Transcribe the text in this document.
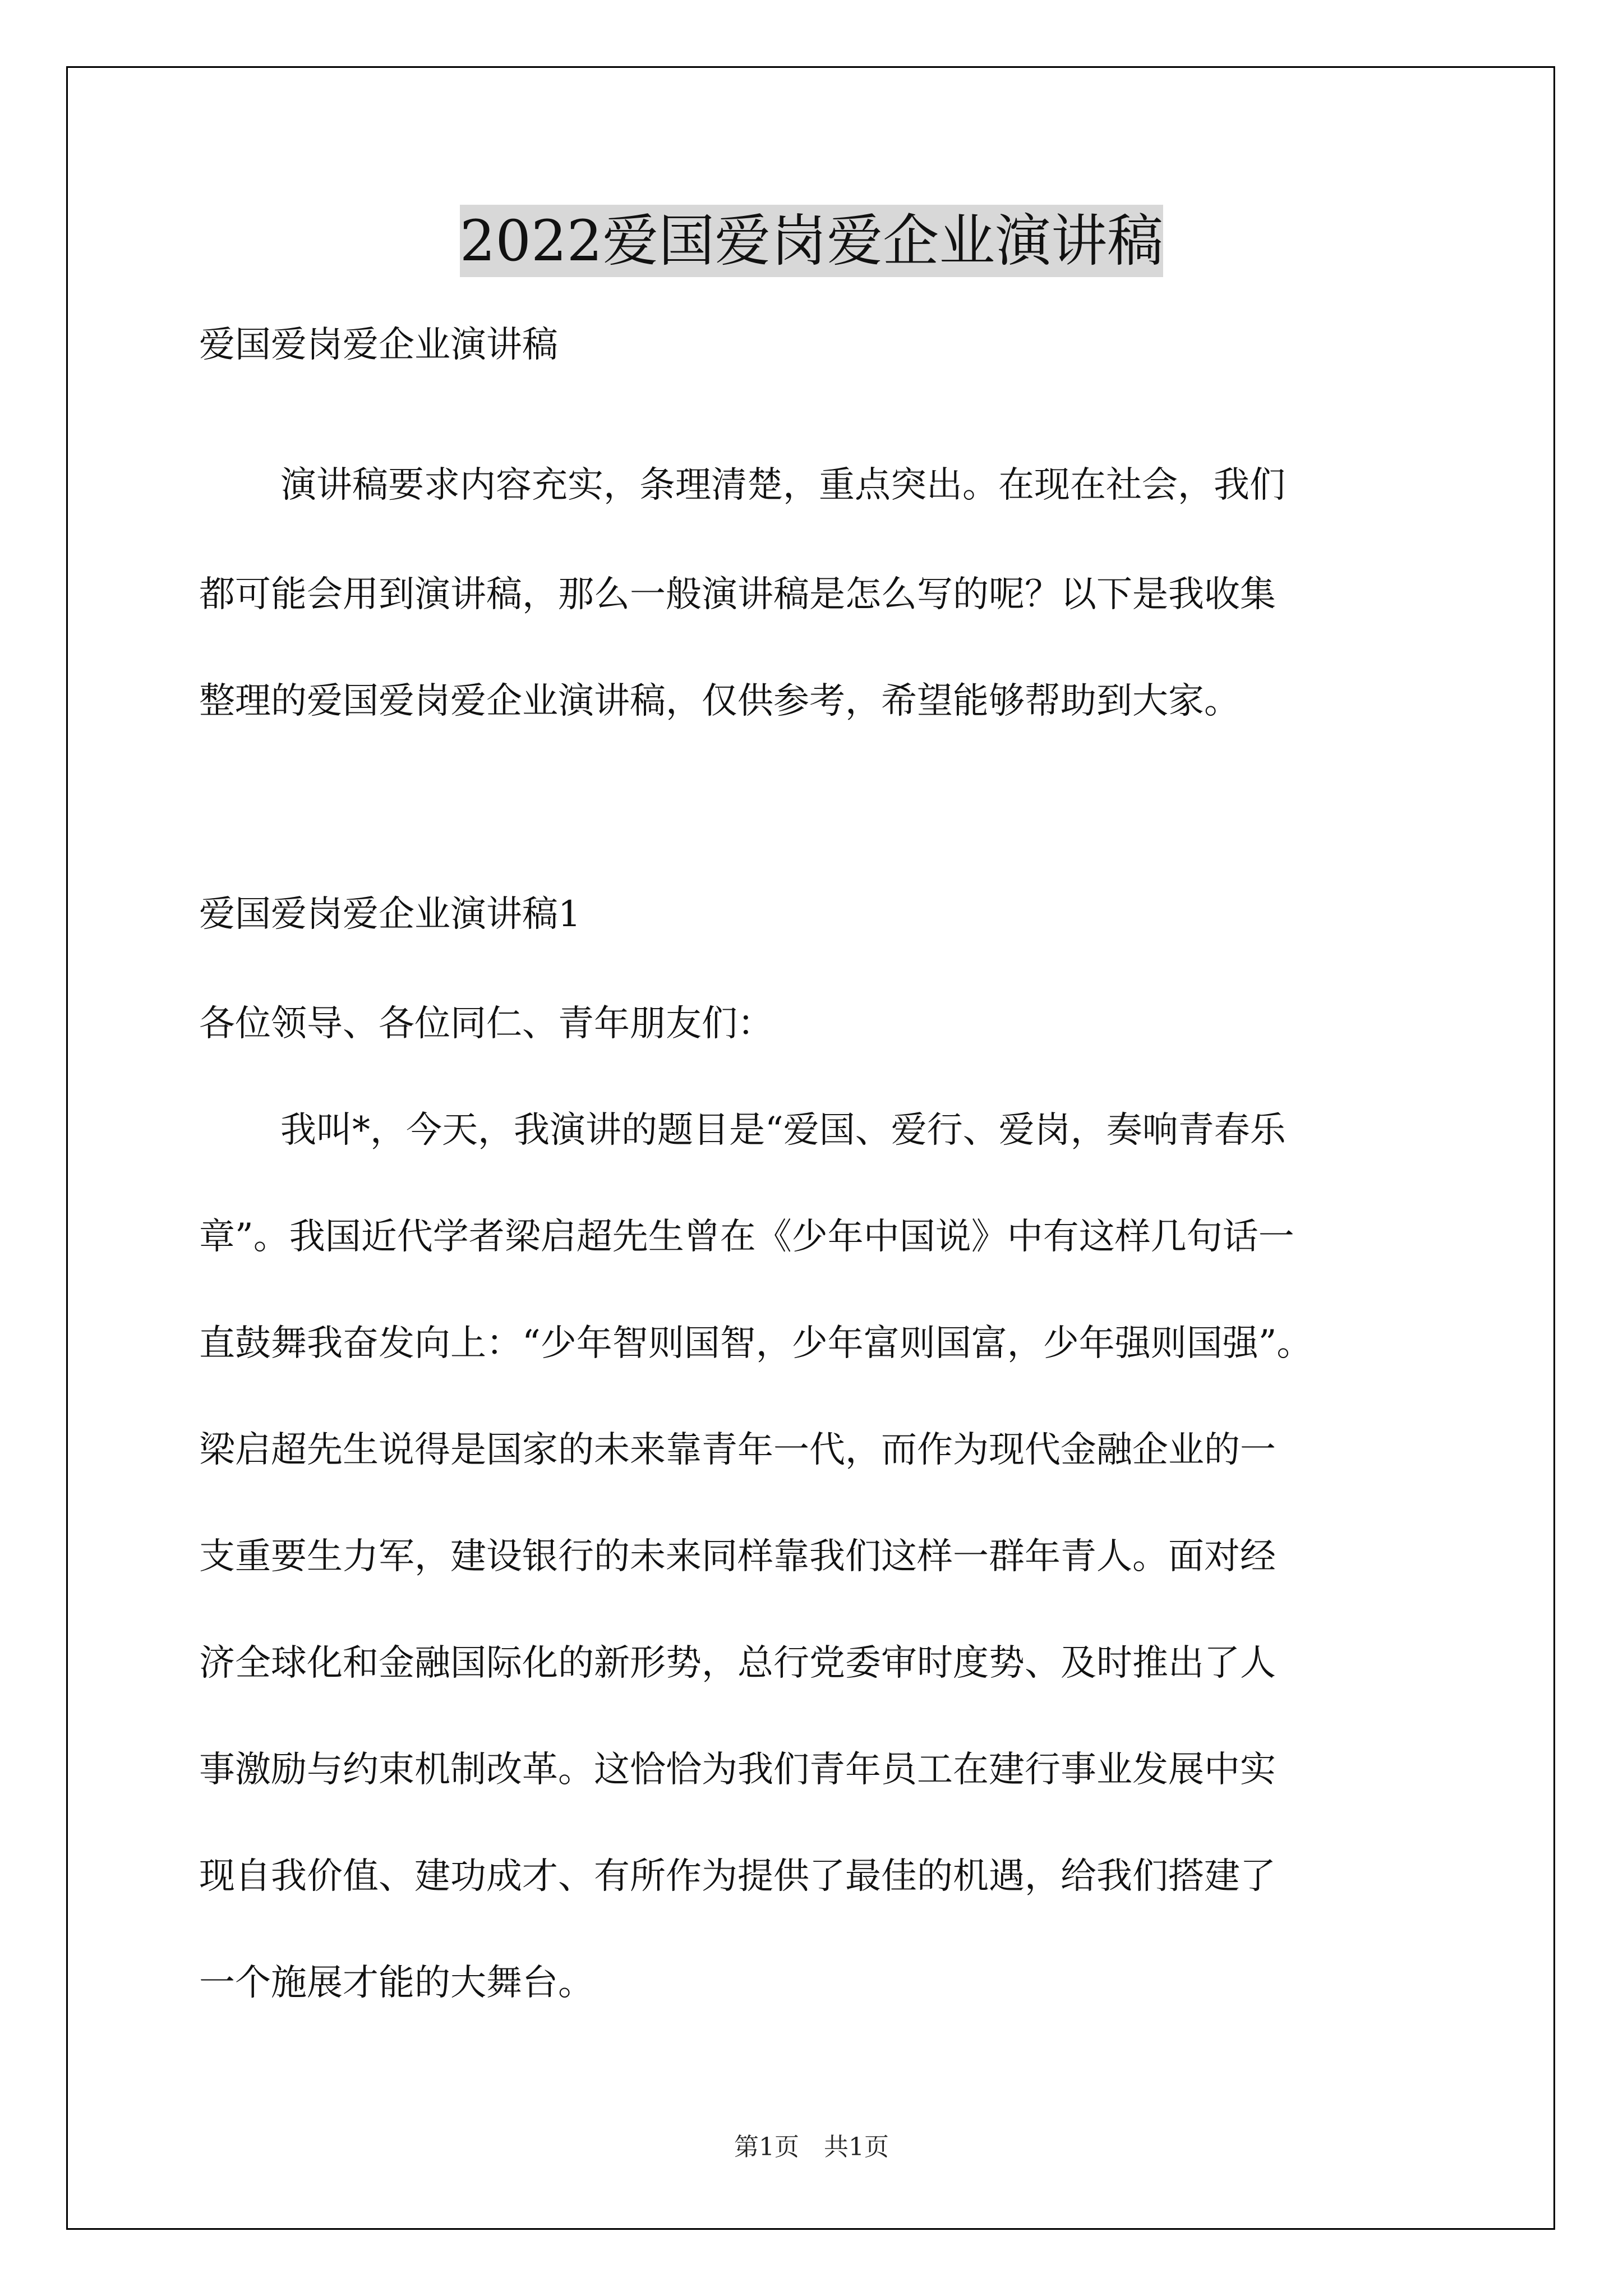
2022爱国爱岗爱企业演讲稿

爱国爱岗爱企业演讲稿

演讲稿要求内容充实，条理清楚，重点突出。在现在社会，我们

都可能会用到演讲稿，那么一般演讲稿是怎么写的呢？以下是我收集

整理的爱国爱岗爱企业演讲稿，仅供参考，希望能够帮助到大家。

爱国爱岗爱企业演讲稿1

各位领导、各位同仁、青年朋友们：

我叫*，今天，我演讲的题目是“爱国、爱行、爱岗，奏响青春乐

章”。我国近代学者梁启超先生曾在《少年中国说》中有这样几句话一

直鼓舞我奋发向上：“少年智则国智，少年富则国富，少年强则国强”。

梁启超先生说得是国家的未来靠青年一代，而作为现代金融企业的一

支重要生力军，建设银行的未来同样靠我们这样一群年青人。面对经

济全球化和金融国际化的新形势，总行党委审时度势、及时推出了人

事激励与约束机制改革。这恰恰为我们青年员工在建行事业发展中实

现自我价值、建功成才、有所作为提供了最佳的机遇，给我们搭建了

一个施展才能的大舞台。

第1页　共1页
